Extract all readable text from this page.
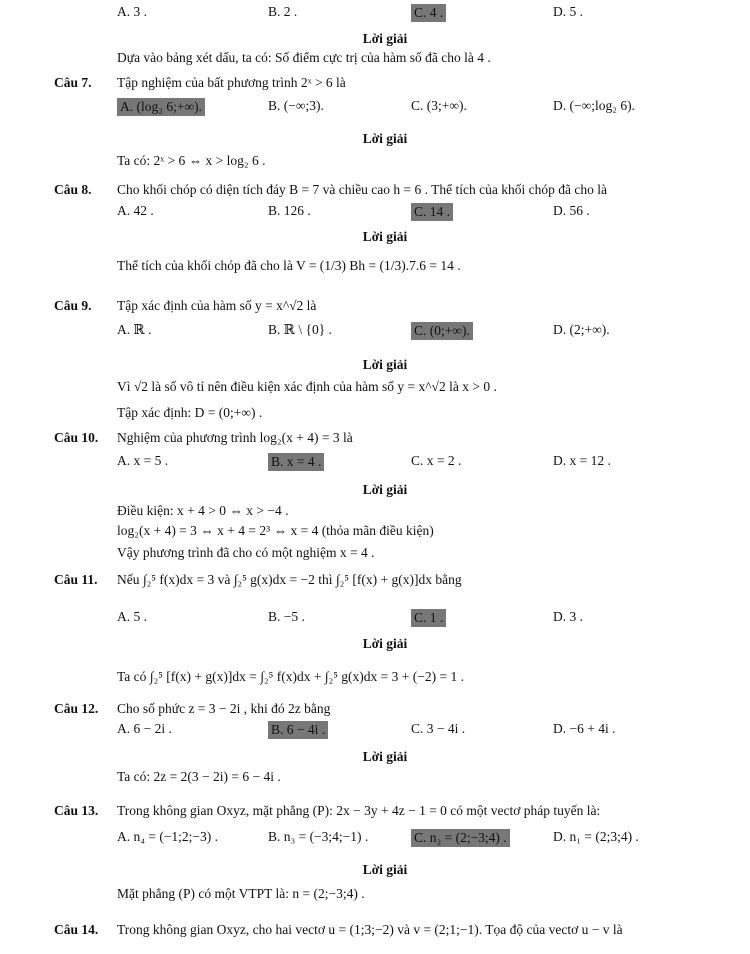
A. 3 .	B. 2 .	C. 4 .	D. 5 .
Lời giải
Dựa vào bảng xét dấu, ta có: Số điểm cực trị của hàm số đã cho là 4 .
Câu 7. Tập nghiệm của bất phương trình 2ˣ > 6 là
A. (log₂ 6;+∞).	B. (−∞;3).	C. (3;+∞).	D. (−∞;log₂ 6).
Lời giải
Ta có: 2ˣ > 6 ⇔ x > log₂ 6 .
Câu 8. Cho khối chóp có diện tích đáy B = 7 và chiều cao h = 6 . Thể tích của khối chóp đã cho là
A. 42 .	B. 126 .	C. 14 .	D. 56 .
Lời giải
Thể tích của khối chóp đã cho là V = (1/3) Bh = (1/3).7.6 = 14 .
Câu 9. Tập xác định của hàm số y = x^√2 là
A. ℝ .	B. ℝ \ {0} .	C. (0;+∞).	D. (2;+∞).
Lời giải
Vì √2 là số vô tỉ nên điều kiện xác định của hàm số y = x^√2 là x > 0 .
Tập xác định: D = (0;+∞) .
Câu 10. Nghiệm của phương trình log₂(x + 4) = 3 là
A. x = 5 .	B. x = 4 .	C. x = 2 .	D. x = 12 .
Lời giải
Điều kiện: x + 4 > 0 ⇔ x > −4 .
log₂(x + 4) = 3 ⇔ x + 4 = 2³ ⇔ x = 4 (thỏa mãn điều kiện)
Vậy phương trình đã cho có một nghiệm x = 4 .
Câu 11. Nếu ∫₂⁵ f(x)dx = 3 và ∫₂⁵ g(x)dx = −2 thì ∫₂⁵ [f(x) + g(x)]dx bằng
A. 5 .	B. −5 .	C. 1 .	D. 3 .
Lời giải
Ta có ∫₂⁵ [f(x) + g(x)]dx = ∫₂⁵ f(x)dx + ∫₂⁵ g(x)dx = 3 + (−2) = 1 .
Câu 12. Cho số phức z = 3 − 2i , khi đó 2z bằng
A. 6 − 2i .	B. 6 − 4i .	C. 3 − 4i .	D. −6 + 4i .
Lời giải
Ta có: 2z = 2(3 − 2i) = 6 − 4i .
Câu 13. Trong không gian Oxyz, mặt phẳng (P): 2x − 3y + 4z − 1 = 0 có một vectơ pháp tuyến là:
A. n₄ = (−1;2;−3) .	B. n₃ = (−3;4;−1) .	C. n₂ = (2;−3;4) .	D. n₁ = (2;3;4) .
Lời giải
Mặt phẳng (P) có một VTPT là: n = (2;−3;4) .
Câu 14. Trong không gian Oxyz, cho hai vectơ u = (1;3;−2) và v = (2;1;−1). Tọa độ của vectơ u − v là
